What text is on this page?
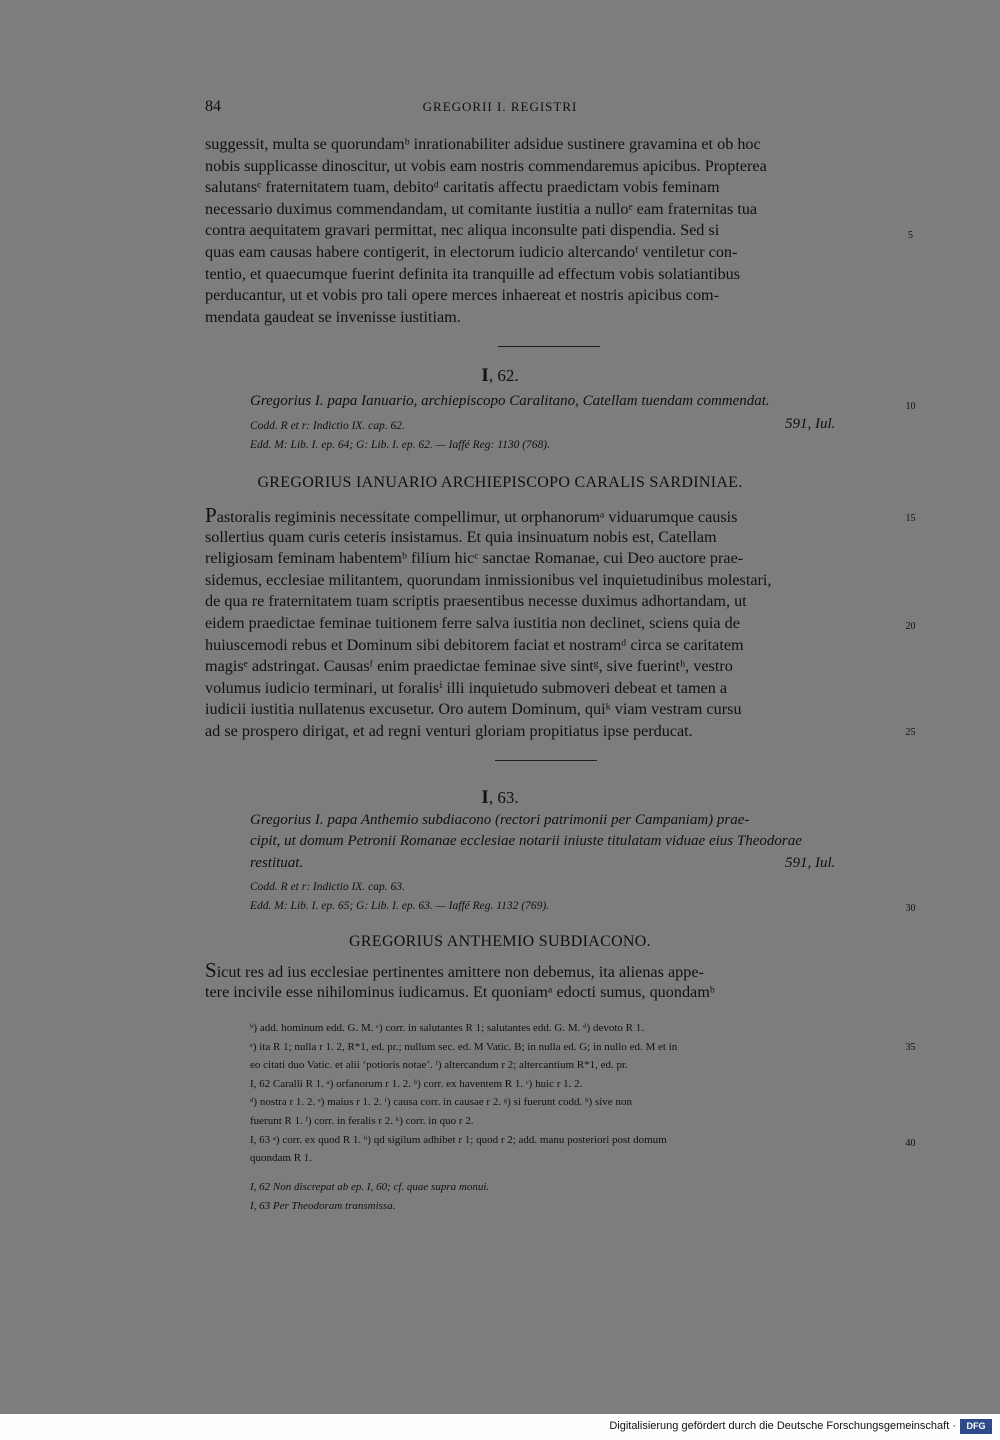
84	GREGORII I. REGISTRI
suggessit, multa se quorundamᵇ inrationabiliter adsidue sustinere gravamina et ob hoc
nobis supplicasse dinoscitur, ut vobis eam nostris commendaremus apicibus. Propterea
salutansᶜ fraternitatem tuam, debitoᵈ caritatis affectu praedictam vobis feminam
necessario duximus commendandam, ut comitante iustitia a nulloᵉ eam fraternitas tua
contra aequitatem gravari permittat, nec aliqua inconsulte pati dispendia. Sed si
quas eam causas habere contigerit, in electorum iudicio altercandoᶠ ventiletur con-
tentio, et quaecumque fuerint definita ita tranquille ad effectum vobis solatiantibus
perducantur, ut et vobis pro tali opere merces inhaereat et nostris apicibus com-
mendata gaudeat se invenisse iustitiam.
I, 62.
Gregorius I. papa Ianuario, archiepiscopo Caralitano, Catellam tuendam commendat.
Codd. R et r: Indictio IX. cap. 62.	591, Iul.
Edd. M: Lib. I. ep. 64; G: Lib. I. ep. 62. — Iaffé Reg: 1130 (768).
GREGORIUS IANUARIO ARCHIEPISCOPO CARALIS SARDINIAE.
Pastoralis regiminis necessitate compellimur, ut orphanorumᵃ viduarumque causis
sollertius quam curis ceteris insistamus. Et quia insinuatum nobis est, Catellam
religiosam feminam habentemᵇ filium hicᶜ sanctae Romanae, cui Deo auctore prae-
sidemus, ecclesiae militantem, quorundam inmissionibus vel inquietudinibus molestari,
de qua re fraternitatem tuam scriptis praesentibus necesse duximus adhortandam, ut
eidem praedictae feminae tuitionem ferre salva iustitia non declinet, sciens quia de
huiuscemodi rebus et Dominum sibi debitorem faciat et nostramᵈ circa se caritatem
magisᵉ adstringat. Causasᶠ enim praedictae feminae sive sintᵍ, sive fuerintʰ, vestro
volumus iudicio terminari, ut foralisⁱ illi inquietudo submoveri debeat et tamen a
iudicii iustitia nullatenus excusetur. Oro autem Dominum, quiᵏ viam vestram cursu
ad se prospero dirigat, et ad regni venturi gloriam propitiatus ipse perducat.
I, 63.
Gregorius I. papa Anthemio subdiacono (rectori patrimonii per Campaniam) prae-
cipit, ut domum Petronii Romanae ecclesiae notarii iniuste titulatam viduae eius Theodorae
restituat.	591, Iul.
Codd. R et r: Indictio IX. cap. 63.
Edd. M: Lib. I. ep. 65; G: Lib. I. ep. 63. — Iaffé Reg. 1132 (769).
GREGORIUS ANTHEMIO SUBDIACONO.
Sicut res ad ius ecclesiae pertinentes amittere non debemus, ita alienas appe-
tere incivile esse nihilominus iudicamus. Et quoniamᵃ edocti sumus, quondamᵇ
5
10
15
20
25
30
35
40
ᵇ) add. hominum edd. G. M. ᶜ) corr. in salutantes R 1; salutantes edd. G. M. ᵈ) devoto R 1.
ᵉ) ita R 1; nulla r 1. 2, R*1, ed. pr.; nullum sec. ed. M Vatic. B; in nulla ed. G; in nullo ed. M et in
eo citati duo Vatic. et alii ‘potioris notae’. ᶠ) altercandum r 2; altercantium R*1, ed. pr.
I, 62 Caralli R 1. ᵃ) orfanorum r 1. 2. ᵇ) corr. ex haventem R 1. ᶜ) huic r 1. 2.
ᵈ) nostra r 1. 2. ᵉ) maius r 1. 2. ᶠ) causa corr. in causae r 2. ᵍ) si fuerunt codd. ʰ) sive non
fuerunt R 1. ⁱ) corr. in feralis r 2. ᵏ) corr. in quo r 2.
I, 63 ᵃ) corr. ex quod R 1. ᵇ) qd sigilum adhibet r 1; quod r 2; add. manu posteriori post domum
quondam R 1.
I, 62 Non discrepat ab ep. I, 60; cf. quae supra monui.
I, 63 Per Theodoram transmissa.
Digitalisierung gefördert durch die Deutsche Forschungsgemeinschaft ·	DFG
